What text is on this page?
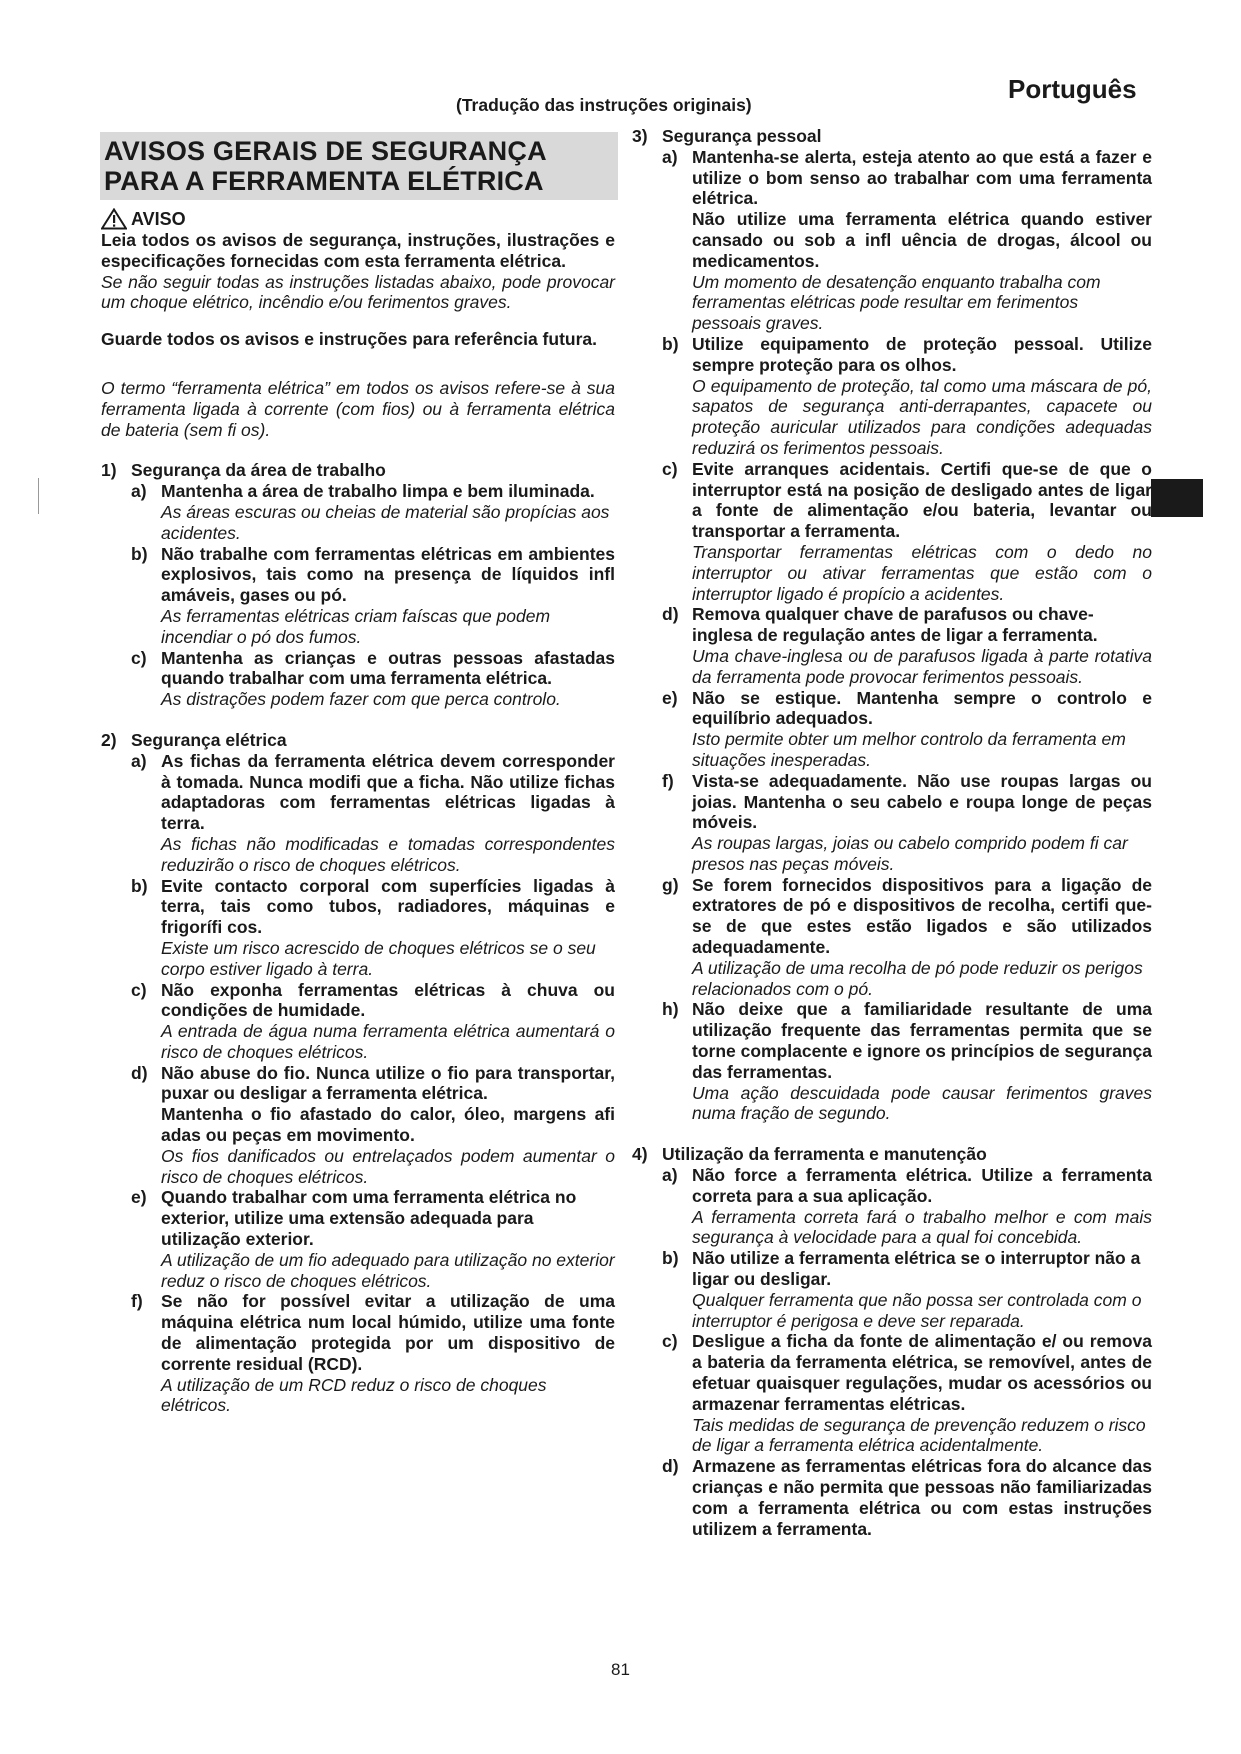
Português
(Tradução das instruções originais)
AVISOS GERAIS DE SEGURANÇA
PARA A FERRAMENTA ELÉTRICA
AVISO

Leia todos os avisos de segurança, instruções, ilustrações e especificações fornecidas com esta ferramenta elétrica.

Se não seguir todas as instruções listadas abaixo, pode provocar um choque elétrico, incêndio e/ou ferimentos graves.

Guarde todos os avisos e instruções para referência futura.

O termo “ferramenta elétrica” em todos os avisos refere-se à sua ferramenta ligada à corrente (com fios) ou à ferramenta elétrica de bateria (sem fi os).

1) Segurança da área de trabalho
a) Mantenha a área de trabalho limpa e bem iluminada.

As áreas escuras ou cheias de material são propícias aos acidentes.

b) Não trabalhe com ferramentas elétricas em ambientes explosivos, tais como na presença de líquidos infl amáveis, gases ou pó.

As ferramentas elétricas criam faíscas que podem incendiar o pó dos fumos.

c) Mantenha as crianças e outras pessoas afastadas quando trabalhar com uma ferramenta elétrica.

As distrações podem fazer com que perca controlo.

2) Segurança elétrica
a) As fichas da ferramenta elétrica devem corresponder à tomada. Nunca modifi que a ficha. Não utilize fichas adaptadoras com ferramentas elétricas ligadas à terra.

As fichas não modificadas e tomadas correspondentes reduzirão o risco de choques elétricos.

b) Evite contacto corporal com superfícies ligadas à terra, tais como tubos, radiadores, máquinas e frigorífi cos.

Existe um risco acrescido de choques elétricos se o seu corpo estiver ligado à terra.

c) Não exponha ferramentas elétricas à chuva ou condições de humidade.

A entrada de água numa ferramenta elétrica aumentará o risco de choques elétricos.

d) Não abuse do fio. Nunca utilize o fio para transportar, puxar ou desligar a ferramenta elétrica.

Mantenha o fio afastado do calor, óleo, margens afi adas ou peças em movimento.

Os fios danificados ou entrelaçados podem aumentar o risco de choques elétricos.

e) Quando trabalhar com uma ferramenta elétrica no exterior, utilize uma extensão adequada para utilização exterior.

A utilização de um fio adequado para utilização no exterior reduz o risco de choques elétricos.

f)	Se não for possível evitar a utilização de uma máquina elétrica num local húmido, utilize uma fonte de alimentação protegida por um dispositivo de corrente residual (RCD).

A utilização de um RCD reduz o risco de choques elétricos.

3) Segurança pessoal
a) Mantenha-se alerta, esteja atento ao que está a fazer e utilize o bom senso ao trabalhar com uma ferramenta elétrica.

Não utilize uma ferramenta elétrica quando estiver cansado ou sob a infl uência de drogas, álcool ou medicamentos.

Um momento de desatenção enquanto trabalha com ferramentas elétricas pode resultar em ferimentos pessoais graves.

b) Utilize equipamento de proteção pessoal. Utilize sempre proteção para os olhos.

O equipamento de proteção, tal como uma máscara de pó, sapatos de segurança anti-derrapantes, capacete ou proteção auricular utilizados para condições adequadas reduzirá os ferimentos pessoais.

c) Evite arranques acidentais. Certifi que-se de que o interruptor está na posição de desligado antes de ligar a fonte de alimentação e/ou bateria, levantar ou transportar a ferramenta.

Transportar ferramentas elétricas com o dedo no interruptor ou ativar ferramentas que estão com o interruptor ligado é propício a acidentes.

d) Remova qualquer chave de parafusos ou chave-inglesa de regulação antes de ligar a ferramenta.

Uma chave-inglesa ou de parafusos ligada à parte rotativa da ferramenta pode provocar ferimentos pessoais.

e) Não se estique. Mantenha sempre o controlo e equilíbrio adequados.

Isto permite obter um melhor controlo da ferramenta em situações inesperadas.

f)	Vista-se adequadamente. Não use roupas largas ou joias. Mantenha o seu cabelo e roupa longe de peças móveis.

As roupas largas, joias ou cabelo comprido podem fi car presos nas peças móveis.

g) Se forem fornecidos dispositivos para a ligação de extratores de pó e dispositivos de recolha, certifi que-se de que estes estão ligados e são utilizados adequadamente.

A utilização de uma recolha de pó pode reduzir os perigos relacionados com o pó.

h) Não deixe que a familiaridade resultante de uma utilização frequente das ferramentas permita que se torne complacente e ignore os princípios de segurança das ferramentas.

Uma ação descuidada pode causar ferimentos graves numa fração de segundo.

4) Utilização da ferramenta e manutenção
a) Não force a ferramenta elétrica. Utilize a ferramenta correta para a sua aplicação.

A ferramenta correta fará o trabalho melhor e com mais segurança à velocidade para a qual foi concebida.

b) Não utilize a ferramenta elétrica se o interruptor não a ligar ou desligar.

Qualquer ferramenta que não possa ser controlada com o interruptor é perigosa e deve ser reparada.

c) Desligue a ficha da fonte de alimentação e/ ou remova a bateria da ferramenta elétrica, se removível, antes de efetuar quaisquer regulações, mudar os acessórios ou armazenar ferramentas elétricas.

Tais medidas de segurança de prevenção reduzem o risco de ligar a ferramenta elétrica acidentalmente.

d) Armazene as ferramentas elétricas fora do alcance das crianças e não permita que pessoas não familiarizadas com a ferramenta elétrica ou com estas instruções utilizem a ferramenta.

81
